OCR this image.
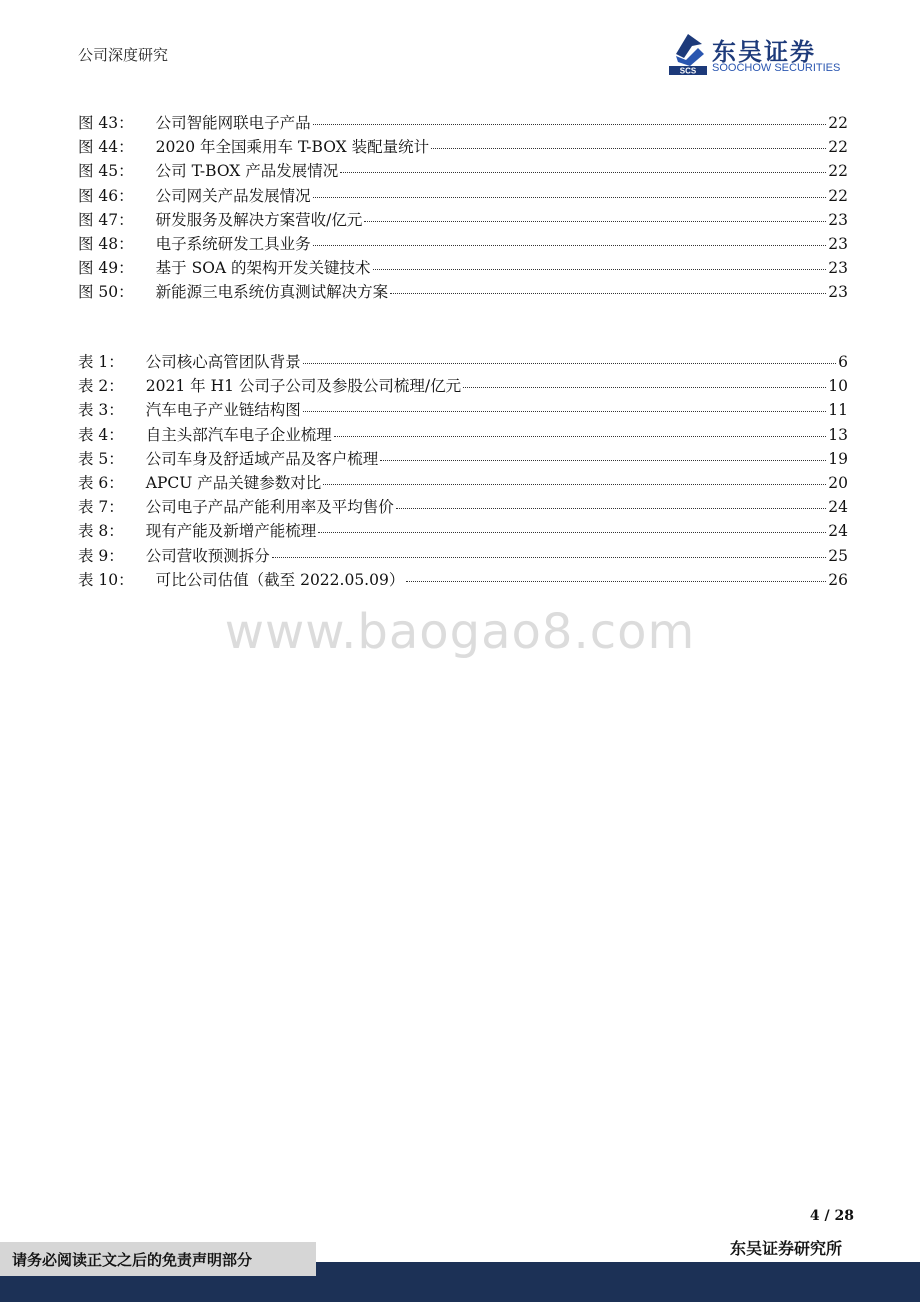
公司深度研究
SCS
东吴证券
SOOCHOW SECURITIES
图 43： 公司智能网联电子产品	22
图 44： 2020 年全国乘用车 T-BOX 装配量统计	22
图 45： 公司 T-BOX 产品发展情况	22
图 46： 公司网关产品发展情况	22
图 47： 研发服务及解决方案营收/亿元	23
图 48： 电子系统研发工具业务	23
图 49： 基于 SOA 的架构开发关键技术	23
图 50： 新能源三电系统仿真测试解决方案	23
表 1： 公司核心高管团队背景	6
表 2： 2021 年 H1 公司子公司及参股公司梳理/亿元	10
表 3： 汽车电子产业链结构图	11
表 4： 自主头部汽车电子企业梳理	13
表 5： 公司车身及舒适域产品及客户梳理	19
表 6： APCU 产品关键参数对比	20
表 7： 公司电子产品产能利用率及平均售价	24
表 8： 现有产能及新增产能梳理	24
表 9： 公司营收预测拆分	25
表 10： 可比公司估值（截至 2022.05.09）	26
www.baogao8.com
4 / 28
请务必阅读正文之后的免责声明部分
东吴证券研究所
